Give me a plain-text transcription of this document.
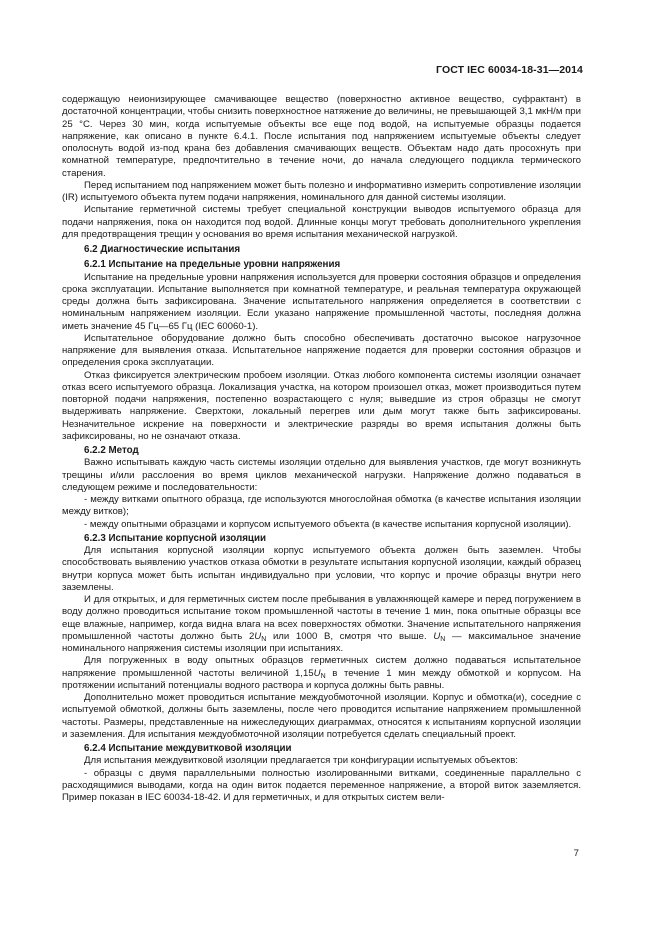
ГОСТ IEC 60034-18-31—2014

содержащую неионизирующее смачивающее вещество (поверхностно активное вещество, суфрактант) в достаточной концентрации, чтобы снизить поверхностное натяжение до величины, не превышающей 3,1 мкН/м при 25 °С. Через 30 мин, когда испытуемые объекты все еще под водой, на испытуемые образцы подается напряжение, как описано в пункте 6.4.1. После испытания под напряжением испытуемые объекты следует ополоснуть водой из-под крана без добавления смачивающих веществ. Объектам надо дать просохнуть при комнатной температуре, предпочтительно в течение ночи, до начала следующего подцикла термического старения.

Перед испытанием под напряжением может быть полезно и информативно измерить сопротивление изоляции (IR) испытуемого объекта путем подачи напряжения, номинального для данной системы изоляции.

Испытание герметичной системы требует специальной конструкции выводов испытуемого образца для подачи напряжения, пока он находится под водой. Длинные концы могут требовать дополнительного укрепления для предотвращения трещин у основания во время испытания механической нагрузкой.

6.2 Диагностические испытания
6.2.1 Испытание на предельные уровни напряжения

Испытание на предельные уровни напряжения используется для проверки состояния образцов и определения срока эксплуатации. Испытание выполняется при комнатной температуре, и реальная температура окружающей среды должна быть зафиксирована. Значение испытательного напряжения определяется в соответствии с номинальным напряжением изоляции. Если указано напряжение промышленной частоты, последняя должна иметь значение 45 Гц—65 Гц (IEC 60060-1).

Испытательное оборудование должно быть способно обеспечивать достаточно высокое нагрузочное напряжение для выявления отказа. Испытательное напряжение подается для проверки состояния образцов и определения срока эксплуатации.

Отказ фиксируется электрическим пробоем изоляции. Отказ любого компонента системы изоляции означает отказ всего испытуемого образца. Локализация участка, на котором произошел отказ, может производиться путем повторной подачи напряжения, постепенно возрастающего с нуля; выведшие из строя образцы не смогут выдерживать напряжение. Сверхтоки, локальный перегрев или дым могут также быть зафиксированы. Незначительное искрение на поверхности и электрические разряды во время испытания должны быть зафиксированы, но не означают отказа.

6.2.2 Метод

Важно испытывать каждую часть системы изоляции отдельно для выявления участков, где могут возникнуть трещины и/или расслоения во время циклов механической нагрузки. Напряжение должно подаваться в следующем режиме и последовательности:

- между витками опытного образца, где используются многослойная обмотка (в качестве испытания изоляции между витков);

- между опытными образцами и корпусом испытуемого объекта (в качестве испытания корпусной изоляции).

6.2.3 Испытание корпусной изоляции

Для испытания корпусной изоляции корпус испытуемого объекта должен быть заземлен. Чтобы способствовать выявлению участков отказа обмотки в результате испытания корпусной изоляции, каждый образец внутри корпуса может быть испытан индивидуально при условии, что корпус и прочие образцы внутри него заземлены.

И для открытых, и для герметичных систем после пребывания в увлажняющей камере и перед погружением в воду должно проводиться испытание током промышленной частоты в течение 1 мин, пока опытные образцы все еще влажные, например, когда видна влага на всех поверхностях обмотки. Значение испытательного напряжения промышленной частоты должно быть $2U_N$ или 1000 В, смотря что выше. $U_N$ — максимальное значение номинального напряжения системы изоляции при испытаниях.

Для погруженных в воду опытных образцов герметичных систем должно подаваться испытательное напряжение промышленной частоты величиной $1,15U_N$ в течение 1 мин между обмоткой и корпусом. На протяжении испытаний потенциалы водного раствора и корпуса должны быть равны.

Дополнительно может проводиться испытание междуобмоточной изоляции. Корпус и обмотка(и), соседние с испытуемой обмоткой, должны быть заземлены, после чего проводится испытание напряжением промышленной частоты. Размеры, представленные на нижеследующих диаграммах, относятся к испытаниям корпусной изоляции и заземления. Для испытания междуобмоточной изоляции потребуется сделать специальный проект.

6.2.4 Испытание междувитковой изоляции

Для испытания междувитковой изоляции предлагается три конфигурации испытуемых объектов:

- образцы с двумя параллельными полностью изолированными витками, соединенные параллельно с расходящимися выводами, когда на один виток подается переменное напряжение, а второй виток заземляется. Пример показан в IEC 60034-18-42. И для герметичных, и для открытых систем вели-

7
